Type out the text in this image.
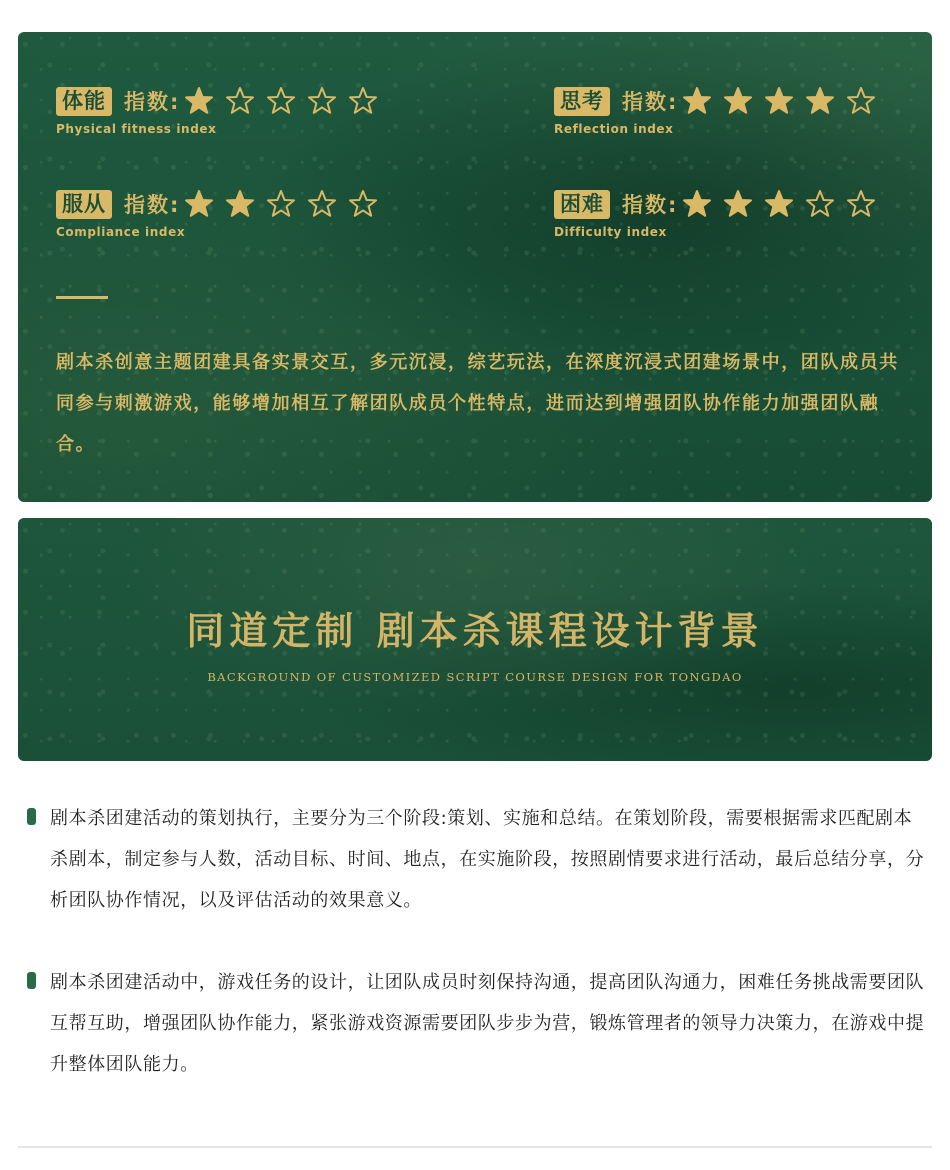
体能 指数:
Physical fitness index
思考 指数:
Reflection index
服从 指数:
Compliance index
困难 指数:
Difficulty index

剧本杀创意主题团建具备实景交互，多元沉浸，综艺玩法，在深度沉浸式团建场景中，团队成员共同参与刺激游戏，能够增加相互了解团队成员个性特点，进而达到增强团队协作能力加强团队融合。

同道定制 剧本杀课程设计背景
BACKGROUND OF CUSTOMIZED SCRIPT COURSE DESIGN FOR TONGDAO

剧本杀团建活动的策划执行，主要分为三个阶段:策划、实施和总结。在策划阶段，需要根据需求匹配剧本杀剧本，制定参与人数，活动目标、时间、地点，在实施阶段，按照剧情要求进行活动，最后总结分享，分析团队协作情况，以及评估活动的效果意义。

剧本杀团建活动中，游戏任务的设计，让团队成员时刻保持沟通，提高团队沟通力，困难任务挑战需要团队互帮互助，增强团队协作能力，紧张游戏资源需要团队步步为营，锻炼管理者的领导力决策力，在游戏中提升整体团队能力。
